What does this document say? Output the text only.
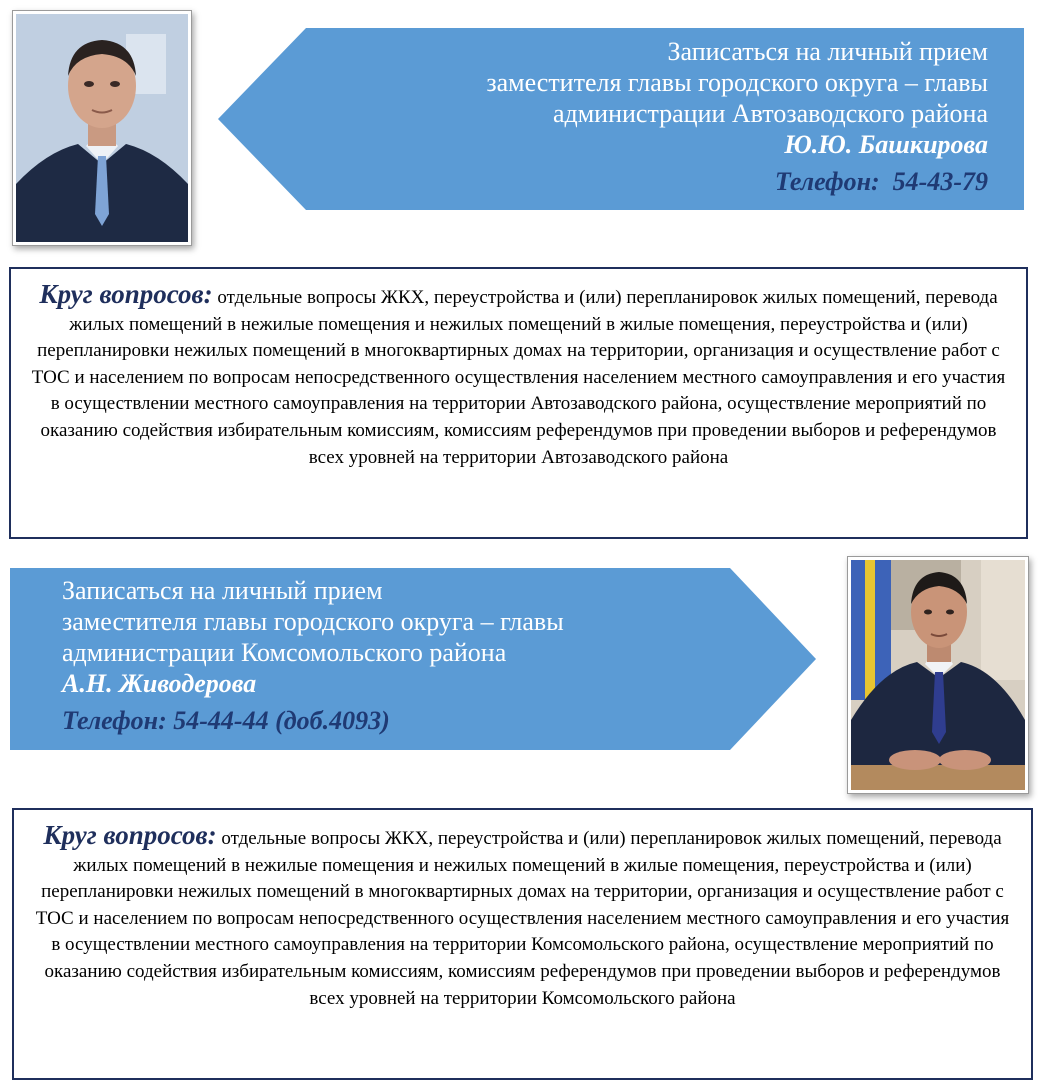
Записаться на личный прием
заместителя главы городского округа – главы
администрации Автозаводского района
Ю.Ю. Башкирова
Телефон:  54-43-79
Круг вопросов: отдельные вопросы ЖКХ, переустройства и (или) перепланировок жилых помещений, перевода жилых помещений в нежилые помещения и нежилых помещений в жилые помещения, переустройства и (или) перепланировки нежилых помещений в многоквартирных домах на территории, организация и осуществление работ с ТОС и населением по вопросам непосредственного осуществления населением местного самоуправления и его участия в осуществлении местного самоуправления на территории Автозаводского района, осуществление мероприятий по оказанию содействия избирательным комиссиям, комиссиям референдумов при проведении выборов и референдумов всех уровней на территории Автозаводского района
Записаться на личный прием
заместителя главы городского округа – главы
администрации Комсомольского района
А.Н. Живодерова
Телефон: 54-44-44 (доб.4093)
Круг вопросов: отдельные вопросы ЖКХ, переустройства и (или) перепланировок жилых помещений, перевода жилых помещений в нежилые помещения и нежилых помещений в жилые помещения, переустройства и (или) перепланировки нежилых помещений в многоквартирных домах на территории, организация и осуществление работ с ТОС и населением по вопросам непосредственного осуществления населением местного самоуправления и его участия в осуществлении местного самоуправления на территории Комсомольского района, осуществление мероприятий по оказанию содействия избирательным комиссиям, комиссиям референдумов при проведении выборов и референдумов всех уровней на территории Комсомольского района
